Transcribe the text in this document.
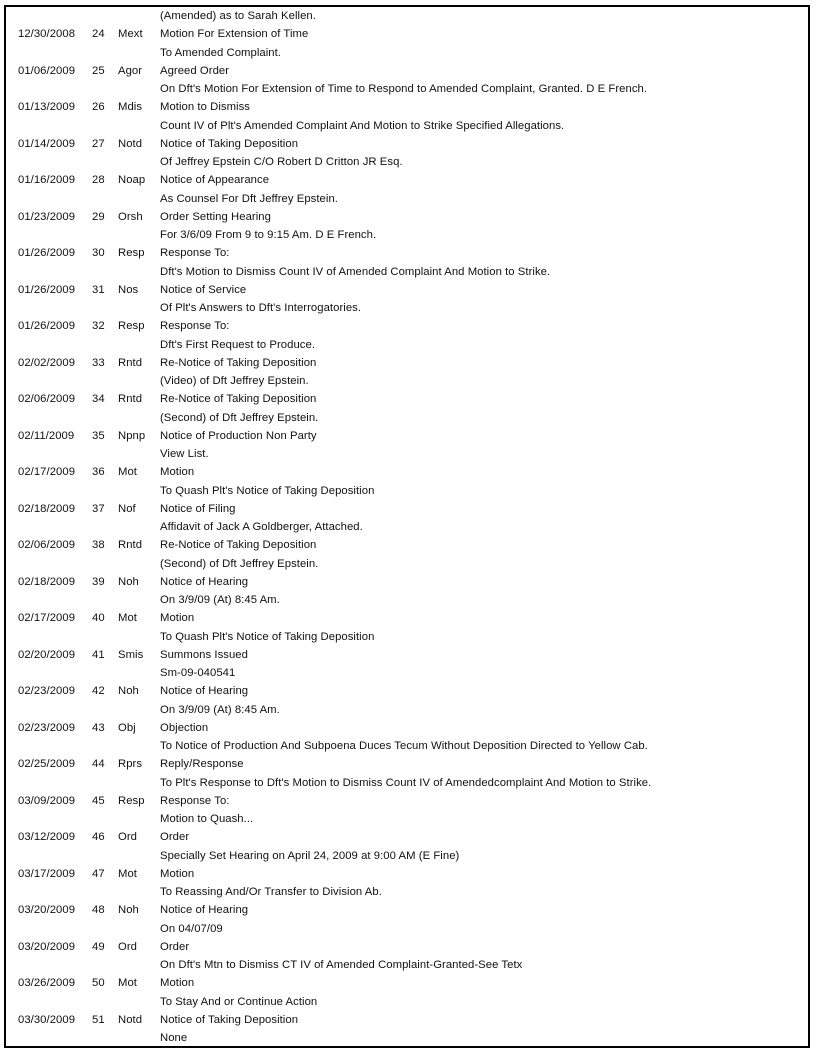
(Amended) as to Sarah Kellen.
12/30/2008 24 Mext Motion For Extension of Time
To Amended Complaint.
01/06/2009 25 Agor Agreed Order
On Dft's Motion For Extension of Time to Respond to Amended Complaint, Granted. D E French.
01/13/2009 26 Mdis Motion to Dismiss
Count IV of Plt's Amended Complaint And Motion to Strike Specified Allegations.
01/14/2009 27 Notd Notice of Taking Deposition
Of Jeffrey Epstein C/O Robert D Critton JR Esq.
01/16/2009 28 Noap Notice of Appearance
As Counsel For Dft Jeffrey Epstein.
01/23/2009 29 Orsh Order Setting Hearing
For 3/6/09 From 9 to 9:15 Am. D E French.
01/26/2009 30 Resp Response To:
Dft's Motion to Dismiss Count IV of Amended Complaint And Motion to Strike.
01/26/2009 31 Nos Notice of Service
Of Plt's Answers to Dft's Interrogatories.
01/26/2009 32 Resp Response To:
Dft's First Request to Produce.
02/02/2009 33 Rntd Re-Notice of Taking Deposition
(Video) of Dft Jeffrey Epstein.
02/06/2009 34 Rntd Re-Notice of Taking Deposition
(Second) of Dft Jeffrey Epstein.
02/11/2009 35 Npnp Notice of Production Non Party
View List.
02/17/2009 36 Mot Motion
To Quash Plt's Notice of Taking Deposition
02/18/2009 37 Nof Notice of Filing
Affidavit of Jack A Goldberger, Attached.
02/06/2009 38 Rntd Re-Notice of Taking Deposition
(Second) of Dft Jeffrey Epstein.
02/18/2009 39 Noh Notice of Hearing
On 3/9/09 (At) 8:45 Am.
02/17/2009 40 Mot Motion
To Quash Plt's Notice of Taking Deposition
02/20/2009 41 Smis Summons Issued
Sm-09-040541
02/23/2009 42 Noh Notice of Hearing
On 3/9/09 (At) 8:45 Am.
02/23/2009 43 Obj Objection
To Notice of Production And Subpoena Duces Tecum Without Deposition Directed to Yellow Cab.
02/25/2009 44 Rprs Reply/Response
To Plt's Response to Dft's Motion to Dismiss Count IV of Amendedcomplaint And Motion to Strike.
03/09/2009 45 Resp Response To:
Motion to Quash...
03/12/2009 46 Ord Order
Specially Set Hearing on April 24, 2009 at 9:00 AM (E Fine)
03/17/2009 47 Mot Motion
To Reassing And/Or Transfer to Division Ab.
03/20/2009 48 Noh Notice of Hearing
On 04/07/09
03/20/2009 49 Ord Order
On Dft's Mtn to Dismiss CT IV of Amended Complaint-Granted-See Tetx
03/26/2009 50 Mot Motion
To Stay And or Continue Action
03/30/2009 51 Notd Notice of Taking Deposition
None
